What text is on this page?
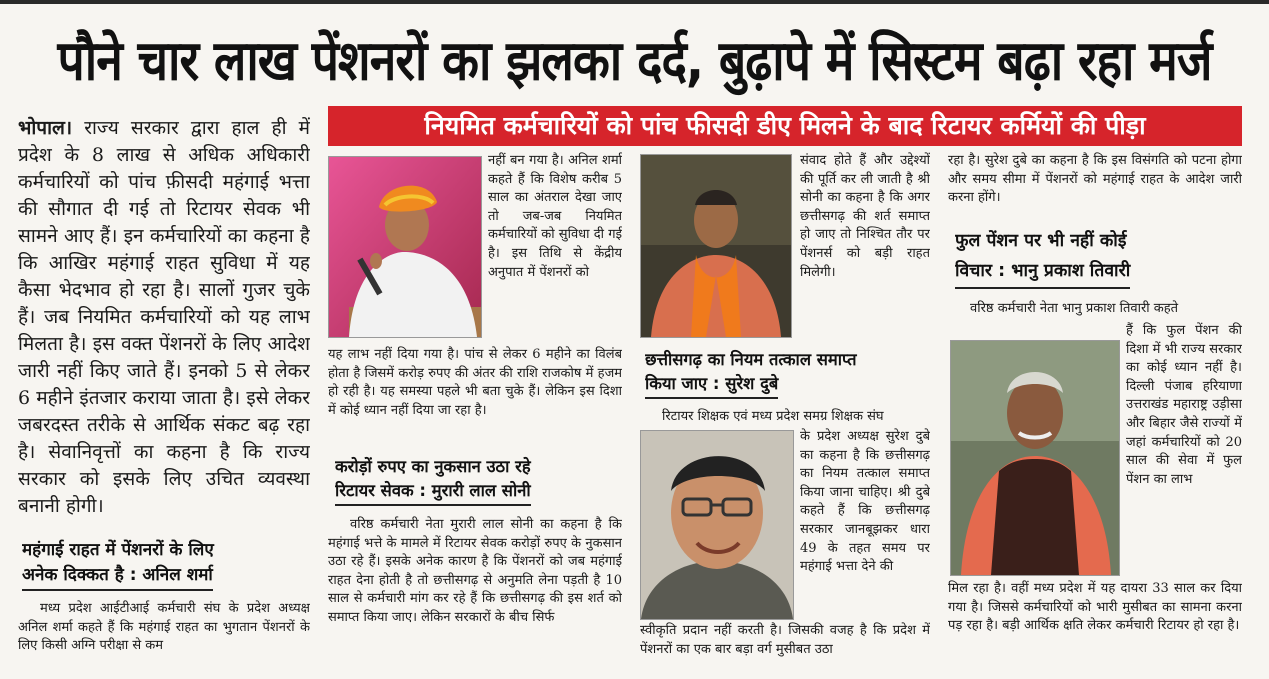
पौने चार लाख पेंशनरों का झलका दर्द, बुढ़ापे में सिस्टम बढ़ा रहा मर्ज
नियमित कर्मचारियों को पांच फीसदी डीए मिलने के बाद रिटायर कर्मियों की पीड़ा
भोपाल। राज्य सरकार द्वारा हाल ही में प्रदेश के 8 लाख से अधिक अधिकारी कर्मचारियों को पांच फ़ीसदी महंगाई भत्ता की सौगात दी गई तो रिटायर सेवक भी सामने आए हैं। इन कर्मचारियों का कहना है कि आखिर महंगाई राहत सुविधा में यह कैसा भेदभाव हो रहा है। सालों गुजर चुके हैं। जब नियमित कर्मचारियों को यह लाभ मिलता है। इस वक्त पेंशनरों के लिए आदेश जारी नहीं किए जाते हैं। इनको 5 से लेकर 6 महीने इंतजार कराया जाता है। इसे लेकर जबरदस्त तरीके से आर्थिक संकट बढ़ रहा है। सेवानिवृत्तों का कहना है कि राज्य सरकार को इसके लिए उचित व्यवस्था बनानी होगी।
महंगाई राहत में पेंशनरों के लिए
अनेक दिक्कत है : अनिल शर्मा
मध्य प्रदेश आईटीआई कर्मचारी संघ के प्रदेश अध्यक्ष अनिल शर्मा कहते हैं कि महंगाई राहत का भुगतान पेंशनरों के लिए किसी अग्नि परीक्षा से कम
नहीं बन गया है। अनिल शर्मा कहते हैं कि विशेष करीब 5 साल का अंतराल देखा जाए तो जब-जब नियमित कर्मचारियों को सुविधा दी गई है। इस तिथि से केंद्रीय अनुपात में पेंशनरों को
यह लाभ नहीं दिया गया है। पांच से लेकर 6 महीने का विलंब होता है जिसमें करोड़ रुपए की अंतर की राशि राजकोष में हजम हो रही है। यह समस्या पहले भी बता चुके हैं। लेकिन इस दिशा में कोई ध्यान नहीं दिया जा रहा है।
करोड़ों रुपए का नुकसान उठा रहे
रिटायर सेवक : मुरारी लाल सोनी
वरिष्ठ कर्मचारी नेता मुरारी लाल सोनी का कहना है कि महंगाई भत्ते के मामले में रिटायर सेवक करोड़ों रुपए के नुकसान उठा रहे हैं। इसके अनेक कारण है कि पेंशनरों को जब महंगाई राहत देना होती है तो छत्तीसगढ़ से अनुमति लेना पड़ती है 10 साल से कर्मचारी मांग कर रहे हैं कि छत्तीसगढ़ की इस शर्त को समाप्त किया जाए। लेकिन सरकारों के बीच सिर्फ
संवाद होते हैं और उद्देश्यों की पूर्ति कर ली जाती है श्री सोनी का कहना है कि अगर छत्तीसगढ़ की शर्त समाप्त हो जाए तो निश्चित तौर पर पेंशनर्स को बड़ी राहत मिलेगी।
छत्तीसगढ़ का नियम तत्काल समाप्त
किया जाए : सुरेश दुबे
रिटायर शिक्षक एवं मध्य प्रदेश समग्र शिक्षक संघ
के प्रदेश अध्यक्ष सुरेश दुबे का कहना है कि छत्तीसगढ़ का नियम तत्काल समाप्त किया जाना चाहिए। श्री दुबे कहते हैं कि छत्तीसगढ़ सरकार जानबूझकर धारा 49 के तहत समय पर महंगाई भत्ता देने की
स्वीकृति प्रदान नहीं करती है। जिसकी वजह है कि प्रदेश में पेंशनरों का एक बार बड़ा वर्ग मुसीबत उठा
रहा है। सुरेश दुबे का कहना है कि इस विसंगति को पटना होगा और समय सीमा में पेंशनरों को महंगाई राहत के आदेश जारी करना होंगे।
फुल पेंशन पर भी नहीं कोई
विचार : भानु प्रकाश तिवारी
वरिष्ठ कर्मचारी नेता भानु प्रकाश तिवारी कहते
हैं कि फुल पेंशन की दिशा में भी राज्य सरकार का कोई ध्यान नहीं है। दिल्ली पंजाब हरियाणा उत्तराखंड महाराष्ट्र उड़ीसा और बिहार जैसे राज्यों में जहां कर्मचारियों को 20 साल की सेवा में फुल पेंशन का लाभ
मिल रहा है। वहीं मध्य प्रदेश में यह दायरा 33 साल कर दिया गया है। जिससे कर्मचारियों को भारी मुसीबत का सामना करना पड़ रहा है। बड़ी आर्थिक क्षति लेकर कर्मचारी रिटायर हो रहा है।
